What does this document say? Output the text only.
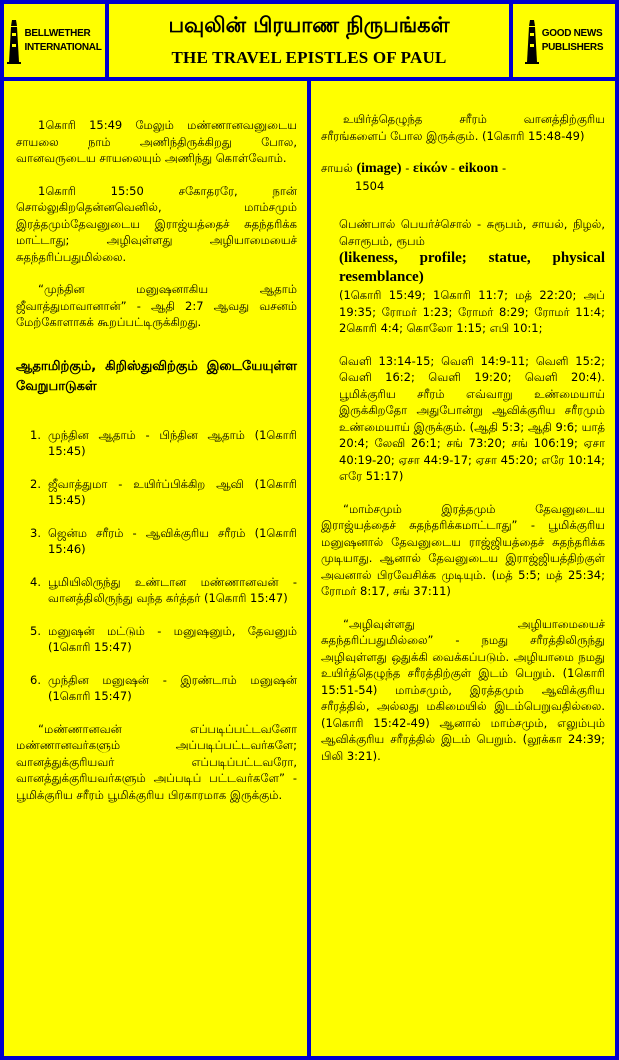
BELLWETHER
INTERNATIONAL
பவுலின் பிரயாண நிருபங்கள்
THE TRAVEL EPISTLES OF PAUL
GOOD NEWS
PUBLISHERS

1கொரி 15:49 மேலும் மண்ணானவனுடைய சாயலை நாம் அணிந்திருக்கிறது போல, வானவருடைய சாயலையும் அணிந்து கொள்வோம்.

1கொரி 15:50 சகோதரரே, நான் சொல்லுகிறதென்னவெனில், மாம்சமும் இரத்தமும்தேவனுடைய இராஜ்யத்தைச் சுதந்தரிக்க மாட்டாது; அழிவுள்ளது அழியாமையைச் சுதந்தரிப்பதுமில்லை.

“முந்தின மனுஷனாகிய ஆதாம் ஜீவாத்துமாவானான்” - ஆதி 2:7 ஆவது வசனம் மேற்கோளாகக் கூறப்பட்டிருக்கிறது.

ஆதாமிற்கும், கிறிஸ்துவிற்கும் இடையேயுள்ள வேறுபாடுகள்
1. முந்தின ஆதாம் - பிந்தின ஆதாம் (1கொரி 15:45)
2. ஜீவாத்துமா - உயிர்ப்பிக்கிற ஆவி (1கொரி 15:45)
3. ஜென்ம சரீரம் - ஆவிக்குரிய சரீரம் (1கொரி 15:46)
4. பூமியிலிருந்து உண்டான மண்ணானவன் - வானத்திலிருந்து வந்த கர்த்தர் (1கொரி 15:47)
5. மனுஷன் மட்டும் - மனுஷனும், தேவனும் (1கொரி 15:47)
6. முந்தின மனுஷன் - இரண்டாம் மனுஷன் (1கொரி 15:47)

“மண்ணானவன் எப்படிப்பட்டவனோ மண்ணானவர்களும் அப்படிப்பட்டவர்களே; வானத்துக்குரியவர் எப்படிப்பட்டவரோ, வானத்துக்குரியவர்களும் அப்படிப் பட்டவர்களே” - பூமிக்குரிய சரீரம் பூமிக்குரிய பிரகாரமாக இருக்கும்.

உயிர்த்தெழுந்த சரீரம் வானத்திற்குரிய சரீரங்களைப் போல இருக்கும். (1கொரி 15:48-49)

சாயல் (image) - εἰκών - eikoon -
1504

பெண்பால் பெயர்ச்சொல் - சுரூபம், சாயல், நிழல், சொரூபம், ரூபம்

(likeness, profile; statue, physical resemblance)

(1கொரி 15:49; 1கொரி 11:7; மத் 22:20; அப் 19:35; ரோமர் 1:23; ரோமர் 8:29; ரோமர் 11:4; 2கொரி 4:4; கொலோ 1:15; எபி 10:1;

வெளி 13:14-15; வெளி 14:9-11; வெளி 15:2; வெளி 16:2; வெளி 19:20; வெளி 20:4). பூமிக்குரிய சரீரம் எவ்வாறு உண்மையாய் இருக்கிறதோ அதுபோன்று ஆவிக்குரிய சரீரமும் உண்மையாய் இருக்கும். (ஆதி 5:3; ஆதி 9:6; யாத் 20:4; லேவி 26:1; சங் 73:20; சங் 106:19; ஏசா 40:19-20; ஏசா 44:9-17; ஏசா 45:20; எரே 10:14; எரே 51:17)

“மாம்சமும் இரத்தமும் தேவனுடைய இராஜ்யத்தைச் சுதந்தரிக்கமாட்டாது” - பூமிக்குரிய மனுஷனால் தேவனுடைய ராஜ்ஜியத்தைச் சுதந்தரிக்க முடியாது. ஆனால் தேவனுடைய இராஜ்ஜியத்திற்குள் அவனால் பிரவேசிக்க முடியும். (மத் 5:5; மத் 25:34; ரோமர் 8:17, சங் 37:11)

“அழிவுள்ளது அழியாமையைச் சுதந்தரிப்பதுமில்லை” - நமது சரீரத்திலிருந்து அழிவுள்ளது ஒதுக்கி வைக்கப்படும். அழியாமை நமது உயிர்த்தெழுந்த சரீரத்திற்குள் இடம் பெறும். (1கொரி 15:51-54) மாம்சமும், இரத்தமும் ஆவிக்குரிய சரீரத்தில், அல்லது மகிமையில் இடம்பெறுவதில்லை. (1கொரி 15:42-49) ஆனால் மாம்சமும், எலும்பும் ஆவிக்குரிய சரீரத்தில் இடம் பெறும். (லூக்கா 24:39; பிலி 3:21).
